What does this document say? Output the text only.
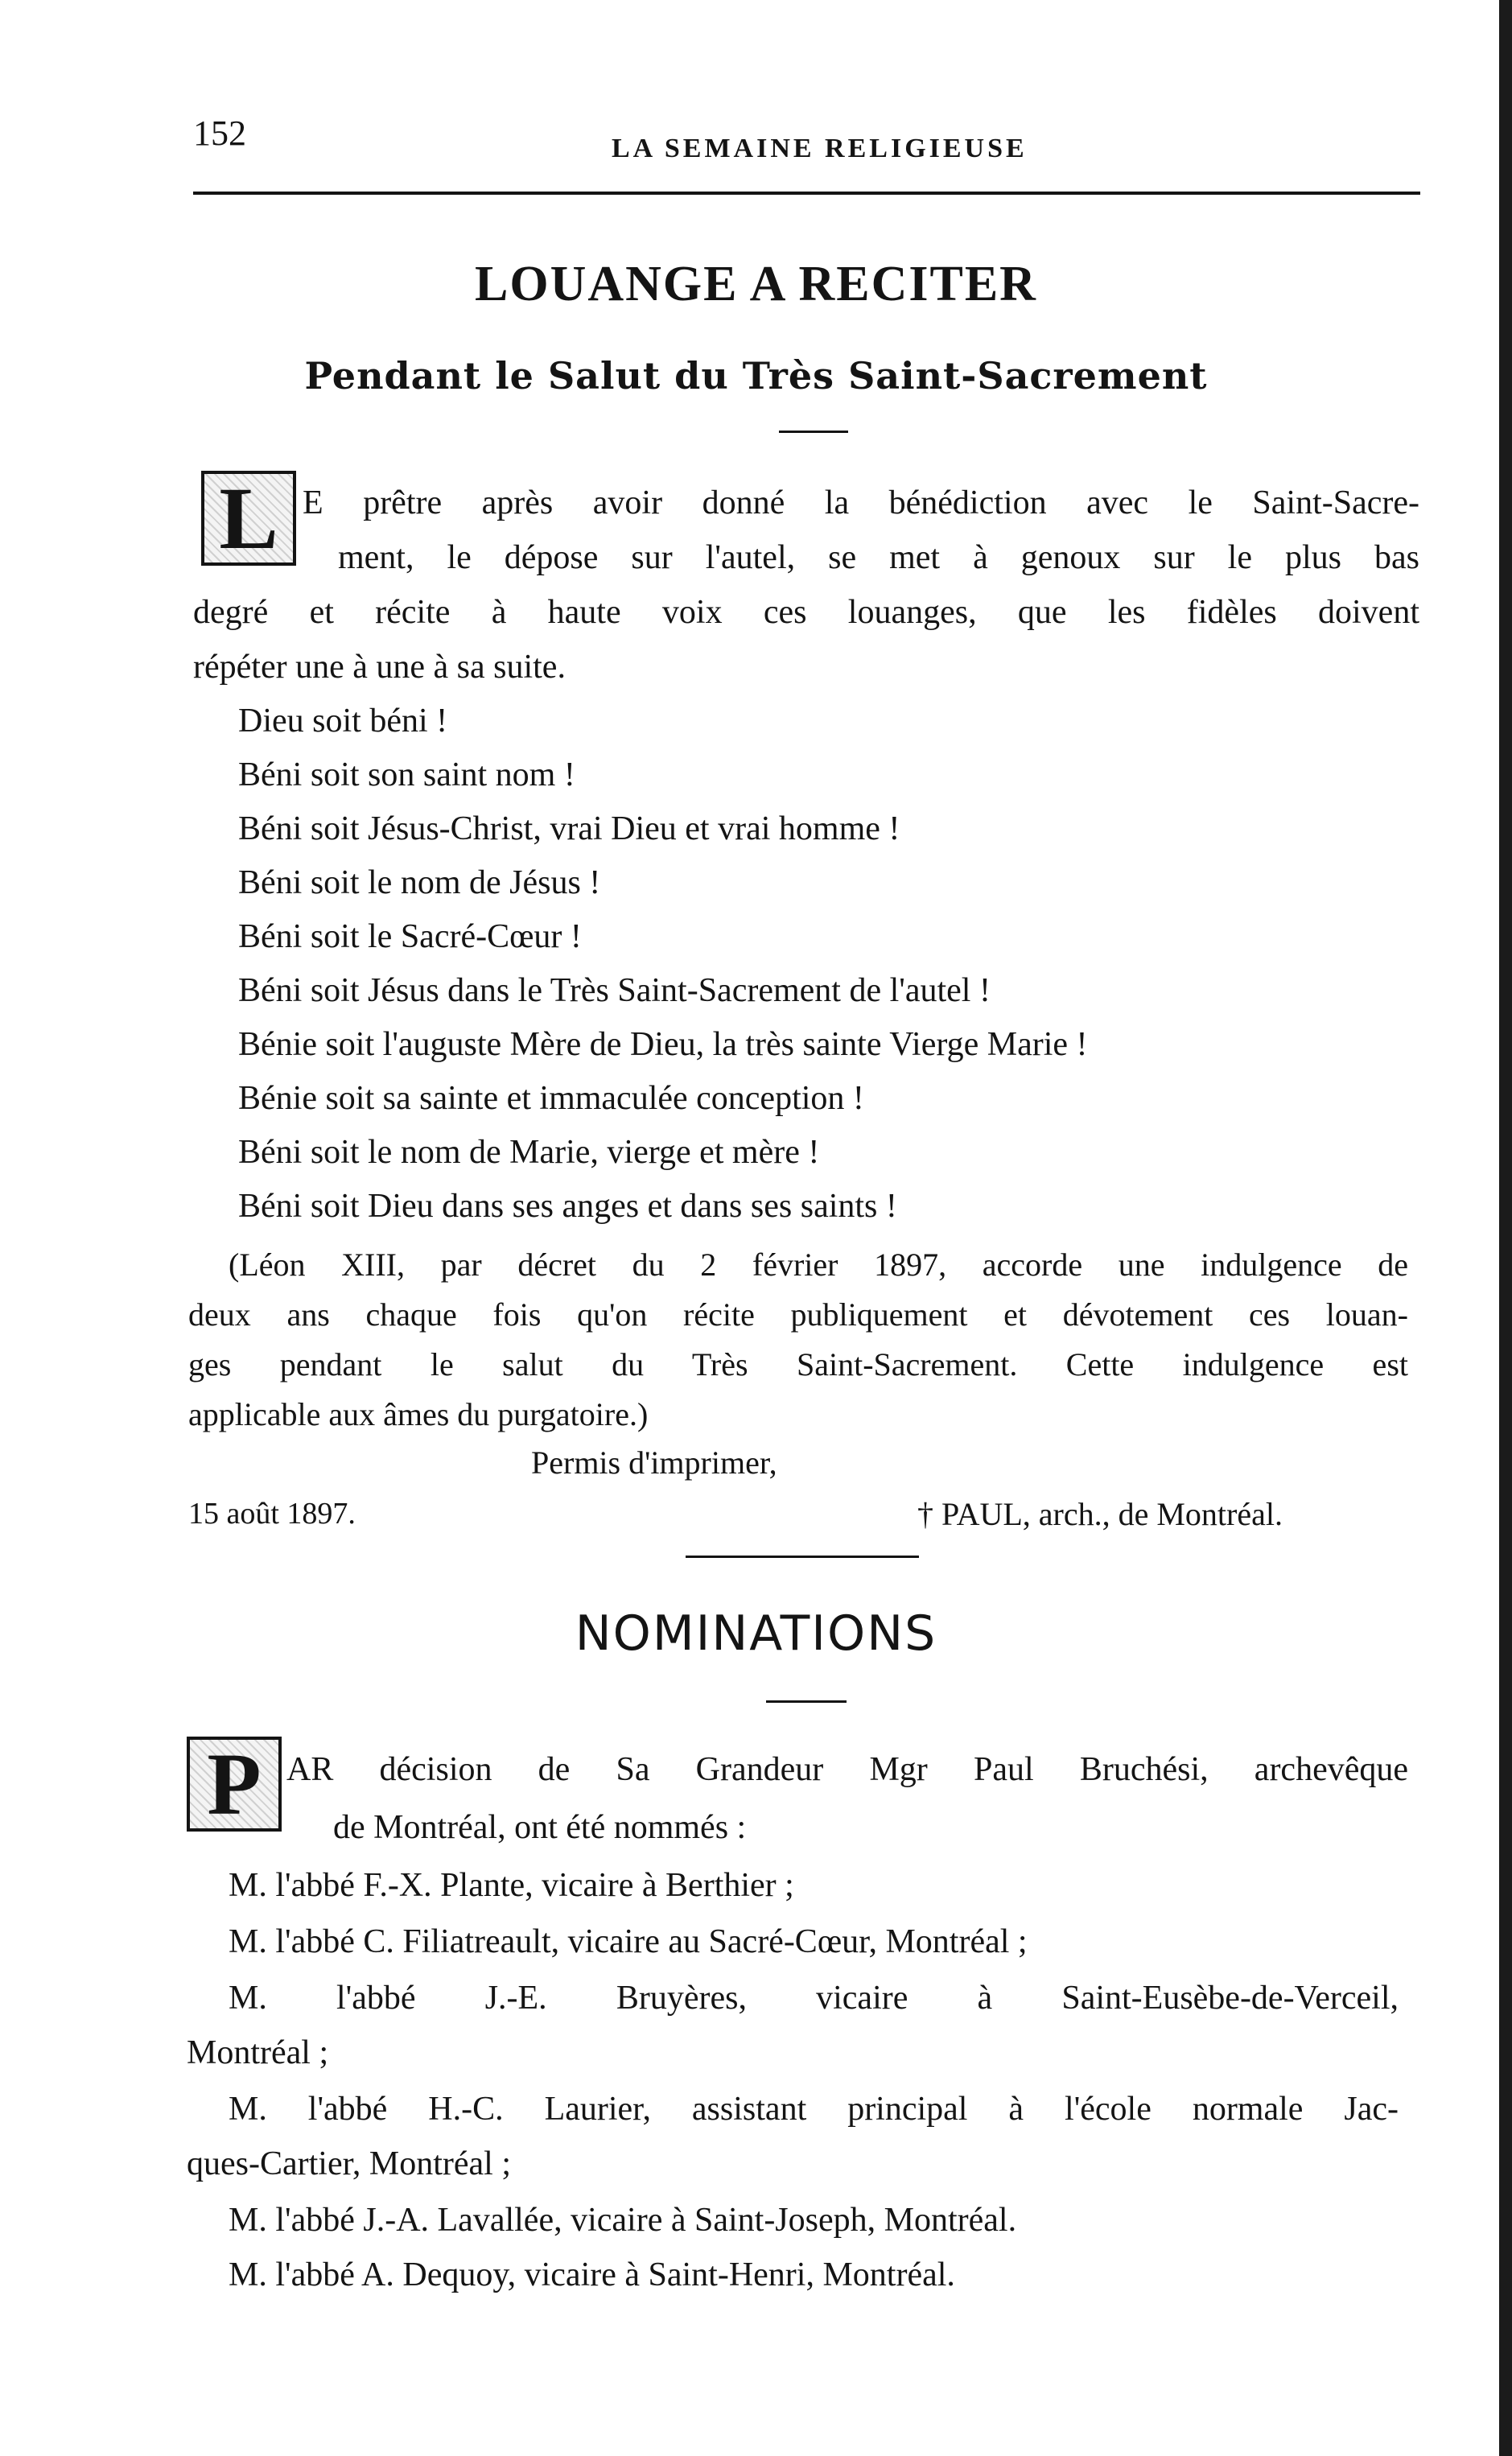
152	LA SEMAINE RELIGIEUSE
LOUANGE A RECITER
Pendant le Salut du Très Saint-Sacrement
L E prêtre après avoir donné la bénédiction avec le Saint-Sacre-
ment, le dépose sur l'autel, se met à genoux sur le plus bas
degré et récite à haute voix ces louanges, que les fidèles doivent
répéter une à une à sa suite.
Dieu soit béni !
Béni soit son saint nom !
Béni soit Jésus-Christ, vrai Dieu et vrai homme !
Béni soit le nom de Jésus !
Béni soit le Sacré-Cœur !
Béni soit Jésus dans le Très Saint-Sacrement de l'autel !
Bénie soit l'auguste Mère de Dieu, la très sainte Vierge Marie !
Bénie soit sa sainte et immaculée conception !
Béni soit le nom de Marie, vierge et mère !
Béni soit Dieu dans ses anges et dans ses saints !
(Léon XIII, par décret du 2 février 1897, accorde une indulgence de
deux ans chaque fois qu'on récite publiquement et dévotement ces louan-
ges pendant le salut du Très Saint-Sacrement. Cette indulgence est
applicable aux âmes du purgatoire.)
Permis d'imprimer,
15 août 1897.	† PAUL, arch., de Montréal.
NOMINATIONS
P AR décision de Sa Grandeur Mgr Paul Bruchési, archevêque
de Montréal, ont été nommés :
M. l'abbé F.-X. Plante, vicaire à Berthier ;
M. l'abbé C. Filiatreault, vicaire au Sacré-Cœur, Montréal ;
M. l'abbé J.-E. Bruyères, vicaire à Saint-Eusèbe-de-Verceil,
Montréal ;
M. l'abbé H.-C. Laurier, assistant principal à l'école normale Jac-
ques-Cartier, Montréal ;
M. l'abbé J.-A. Lavallée, vicaire à Saint-Joseph, Montréal.
M. l'abbé A. Dequoy, vicaire à Saint-Henri, Montréal.
